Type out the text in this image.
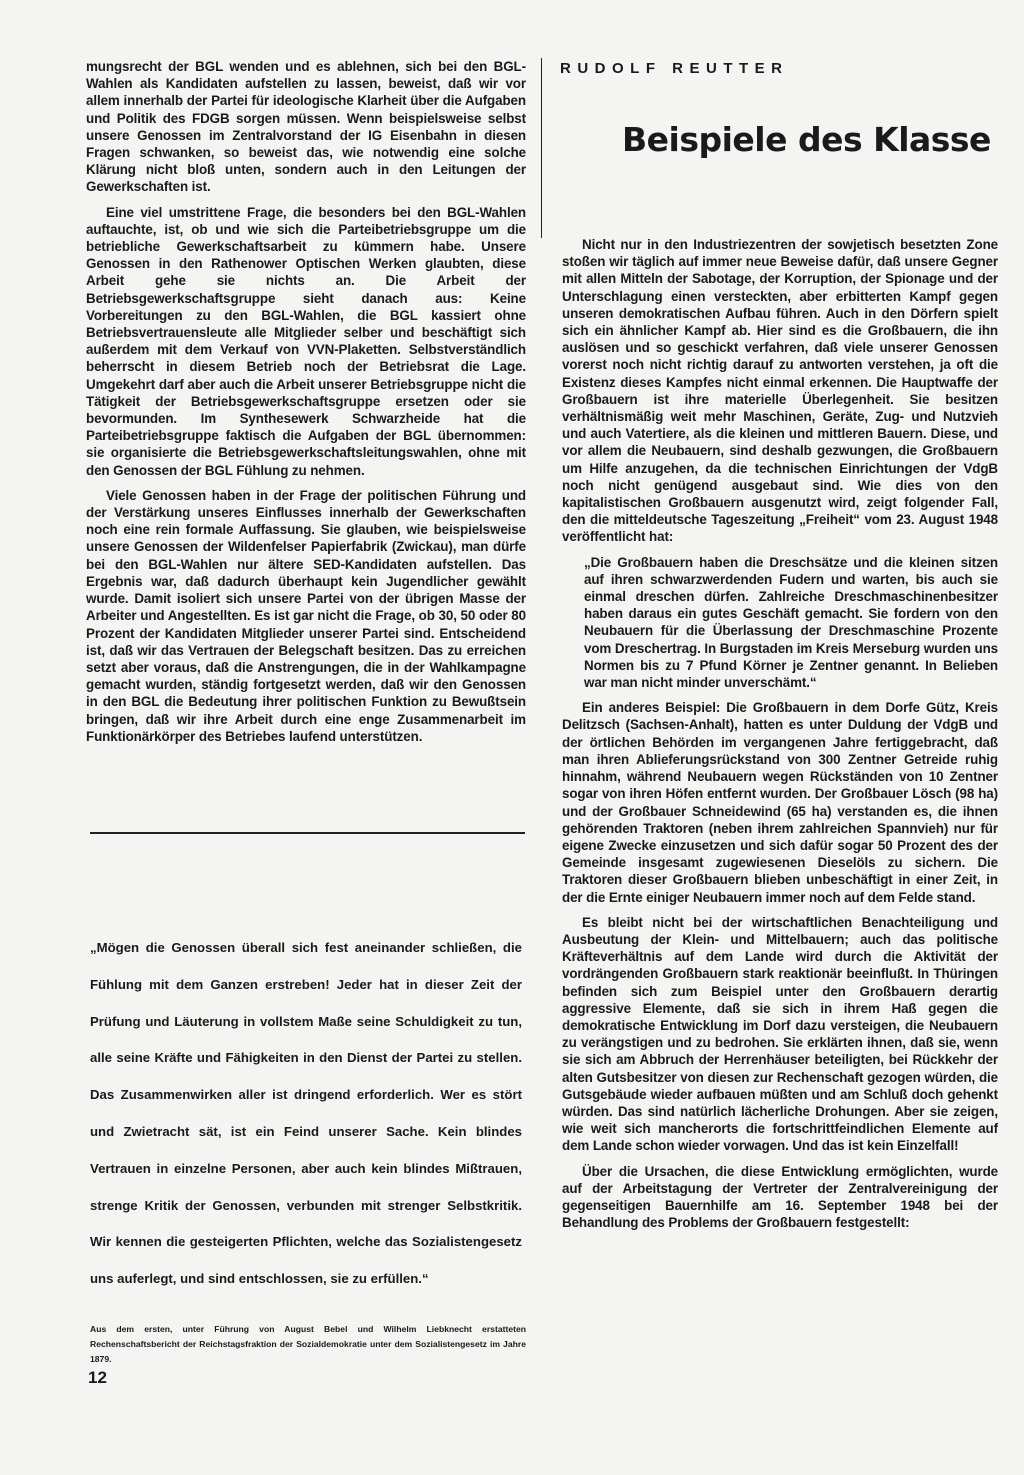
mungsrecht der BGL wenden und es ablehnen, sich bei den BGL-Wahlen als Kandidaten aufstellen zu lassen, beweist, daß wir vor allem innerhalb der Partei für ideologische Klarheit über die Aufgaben und Politik des FDGB sorgen müssen. Wenn beispielsweise selbst unsere Genossen im Zentralvorstand der IG Eisenbahn in diesen Fragen schwanken, so beweist das, wie notwendig eine solche Klärung nicht bloß unten, sondern auch in den Leitungen der Gewerkschaften ist.

Eine viel umstrittene Frage, die besonders bei den BGL-Wahlen auftauchte, ist, ob und wie sich die Parteibetriebsgruppe um die betriebliche Gewerkschaftsarbeit zu kümmern habe. Unsere Genossen in den Rathenower Optischen Werken glaubten, diese Arbeit gehe sie nichts an. Die Arbeit der Betriebsgewerkschaftsgruppe sieht danach aus: Keine Vorbereitungen zu den BGL-Wahlen, die BGL kassiert ohne Betriebsvertrauensleute alle Mitglieder selber und beschäftigt sich außerdem mit dem Verkauf von VVN-Plaketten. Selbstverständlich beherrscht in diesem Betrieb noch der Betriebsrat die Lage. Umgekehrt darf aber auch die Arbeit unserer Betriebsgruppe nicht die Tätigkeit der Betriebsgewerkschaftsgruppe ersetzen oder sie bevormunden. Im Synthesewerk Schwarzheide hat die Parteibetriebsgruppe faktisch die Aufgaben der BGL übernommen: sie organisierte die Betriebsgewerkschaftsleitungswahlen, ohne mit den Genossen der BGL Fühlung zu nehmen.

Viele Genossen haben in der Frage der politischen Führung und der Verstärkung unseres Einflusses innerhalb der Gewerkschaften noch eine rein formale Auffassung. Sie glauben, wie beispielsweise unsere Genossen der Wildenfelser Papierfabrik (Zwickau), man dürfe bei den BGL-Wahlen nur ältere SED-Kandidaten aufstellen. Das Ergebnis war, daß dadurch überhaupt kein Jugendlicher gewählt wurde. Damit isoliert sich unsere Partei von der übrigen Masse der Arbeiter und Angestellten. Es ist gar nicht die Frage, ob 30, 50 oder 80 Prozent der Kandidaten Mitglieder unserer Partei sind. Entscheidend ist, daß wir das Vertrauen der Belegschaft besitzen. Das zu erreichen setzt aber voraus, daß die Anstrengungen, die in der Wahlkampagne gemacht wurden, ständig fortgesetzt werden, daß wir den Genossen in den BGL die Bedeutung ihrer politischen Funktion zu Bewußtsein bringen, daß wir ihre Arbeit durch eine enge Zusammenarbeit im Funktionärkörper des Betriebes laufend unterstützen.

„Mögen die Genossen überall sich fest aneinander schließen, die Fühlung mit dem Ganzen erstreben! Jeder hat in dieser Zeit der Prüfung und Läuterung in vollstem Maße seine Schuldigkeit zu tun, alle seine Kräfte und Fähigkeiten in den Dienst der Partei zu stellen. Das Zusammenwirken aller ist dringend erforderlich. Wer es stört und Zwietracht sät, ist ein Feind unserer Sache. Kein blindes Vertrauen in einzelne Personen, aber auch kein blindes Mißtrauen, strenge Kritik der Genossen, verbunden mit strenger Selbstkritik. Wir kennen die gesteigerten Pflichten, welche das Sozialistengesetz uns auferlegt, und sind entschlossen, sie zu erfüllen.“

Aus dem ersten, unter Führung von August Bebel und Wilhelm Liebknecht erstatteten Rechenschaftsbericht der Reichstagsfraktion der Sozialdemokratie unter dem Sozialistengesetz im Jahre 1879.
12
RUDOLF REUTTER
Beispiele des Klasse

Nicht nur in den Industriezentren der sowjetisch besetzten Zone stoßen wir täglich auf immer neue Beweise dafür, daß unsere Gegner mit allen Mitteln der Sabotage, der Korruption, der Spionage und der Unterschlagung einen versteckten, aber erbitterten Kampf gegen unseren demokratischen Aufbau führen. Auch in den Dörfern spielt sich ein ähnlicher Kampf ab. Hier sind es die Großbauern, die ihn auslösen und so geschickt verfahren, daß viele unserer Genossen vorerst noch nicht richtig darauf zu antworten verstehen, ja oft die Existenz dieses Kampfes nicht einmal erkennen. Die Hauptwaffe der Großbauern ist ihre materielle Überlegenheit. Sie besitzen verhältnismäßig weit mehr Maschinen, Geräte, Zug- und Nutzvieh und auch Vatertiere, als die kleinen und mittleren Bauern. Diese, und vor allem die Neubauern, sind deshalb gezwungen, die Großbauern um Hilfe anzugehen, da die technischen Einrichtungen der VdgB noch nicht genügend ausgebaut sind. Wie dies von den kapitalistischen Großbauern ausgenutzt wird, zeigt folgender Fall, den die mitteldeutsche Tageszeitung „Freiheit“ vom 23. August 1948 veröffentlicht hat:

„Die Großbauern haben die Dreschsätze und die kleinen sitzen auf ihren schwarzwerdenden Fudern und warten, bis auch sie einmal dreschen dürfen. Zahlreiche Dreschmaschinenbesitzer haben daraus ein gutes Geschäft gemacht. Sie fordern von den Neubauern für die Überlassung der Dreschmaschine Prozente vom Dreschertrag. In Burgstaden im Kreis Merseburg wurden uns Normen bis zu 7 Pfund Körner je Zentner genannt. In Belieben war man nicht minder unverschämt.“

Ein anderes Beispiel: Die Großbauern in dem Dorfe Gütz, Kreis Delitzsch (Sachsen-Anhalt), hatten es unter Duldung der VdgB und der örtlichen Behörden im vergangenen Jahre fertiggebracht, daß man ihren Ablieferungsrückstand von 300 Zentner Getreide ruhig hinnahm, während Neubauern wegen Rückständen von 10 Zentner sogar von ihren Höfen entfernt wurden. Der Großbauer Lösch (98 ha) und der Großbauer Schneidewind (65 ha) verstanden es, die ihnen gehörenden Traktoren (neben ihrem zahlreichen Spannvieh) nur für eigene Zwecke einzusetzen und sich dafür sogar 50 Prozent des der Gemeinde insgesamt zugewiesenen Dieselöls zu sichern. Die Traktoren dieser Großbauern blieben unbeschäftigt in einer Zeit, in der die Ernte einiger Neubauern immer noch auf dem Felde stand.

Es bleibt nicht bei der wirtschaftlichen Benachteiligung und Ausbeutung der Klein- und Mittelbauern; auch das politische Kräfteverhältnis auf dem Lande wird durch die Aktivität der vordrängenden Großbauern stark reaktionär beeinflußt. In Thüringen befinden sich zum Beispiel unter den Großbauern derartig aggressive Elemente, daß sie sich in ihrem Haß gegen die demokratische Entwicklung im Dorf dazu versteigen, die Neubauern zu verängstigen und zu bedrohen. Sie erklärten ihnen, daß sie, wenn sie sich am Abbruch der Herrenhäuser beteiligten, bei Rückkehr der alten Gutsbesitzer von diesen zur Rechenschaft gezogen würden, die Gutsgebäude wieder aufbauen müßten und am Schluß doch gehenkt würden. Das sind natürlich lächerliche Drohungen. Aber sie zeigen, wie weit sich mancherorts die fortschrittfeindlichen Elemente auf dem Lande schon wieder vorwagen. Und das ist kein Einzelfall!

Über die Ursachen, die diese Entwicklung ermöglichten, wurde auf der Arbeitstagung der Vertreter der Zentralvereinigung der gegenseitigen Bauernhilfe am 16. September 1948 bei der Behandlung des Problems der Großbauern festgestellt:
